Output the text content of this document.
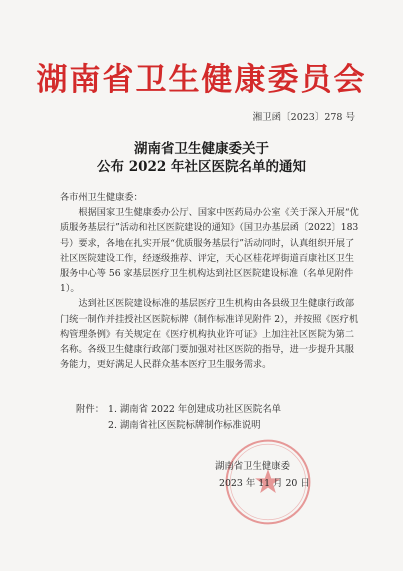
湖南省卫生健康委员会
湘卫函〔2023〕278 号
湖南省卫生健康委关于
公布 2022 年社区医院名单的通知

各市州卫生健康委：

根据国家卫生健康委办公厅、国家中医药局办公室《关于深入开展“优质服务基层行”活动和社区医院建设的通知》（国卫办基层函〔2022〕183 号）要求，各地在扎实开展“优质服务基层行”活动同时，认真组织开展了社区医院建设工作，经逐级推荐、评定，天心区桂花坪街道百康社区卫生服务中心等 56 家基层医疗卫生机构达到社区医院建设标准（名单见附件 1）。

达到社区医院建设标准的基层医疗卫生机构由各县级卫生健康行政部门统一制作并挂授社区医院标牌（制作标准详见附件 2），并按照《医疗机构管理条例》有关规定在《医疗机构执业许可证》上加注社区医院为第二名称。各级卫生健康行政部门要加强对社区医院的指导，进一步提升其服务能力，更好满足人民群众基本医疗卫生服务需求。

附件： 1. 湖南省 2022 年创建成功社区医院名单
2. 湖南省社区医院标牌制作标准说明
湖南省卫生健康委
2023 年 11 月 20 日
